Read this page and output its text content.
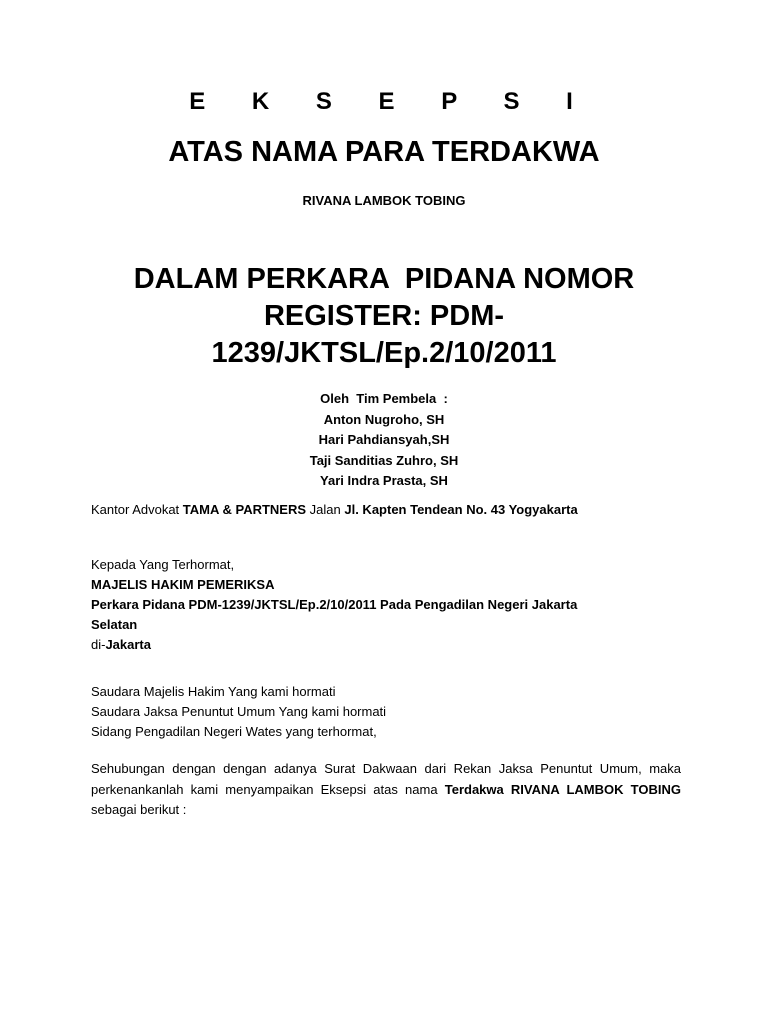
E K S E P S I
ATAS NAMA PARA TERDAKWA
RIVANA LAMBOK TOBING
DALAM PERKARA  PIDANA NOMOR
REGISTER: PDM-
1239/JKTSL/Ep.2/10/2011
Oleh  Tim Pembela  :
Anton Nugroho, SH
Hari Pahdiansyah,SH
Taji Sanditias Zuhro, SH
Yari Indra Prasta, SH
Kantor Advokat TAMA & PARTNERS Jalan Jl. Kapten Tendean No. 43 Yogyakarta
Kepada Yang Terhormat,
MAJELIS HAKIM PEMERIKSA
Perkara Pidana PDM-1239/JKTSL/Ep.2/10/2011 Pada Pengadilan Negeri Jakarta
Selatan
di-Jakarta
Saudara Majelis Hakim Yang kami hormati
Saudara Jaksa Penuntut Umum Yang kami hormati
Sidang Pengadilan Negeri Wates yang terhormat,
Sehubungan dengan dengan adanya Surat Dakwaan dari Rekan Jaksa Penuntut Umum, maka perkenankanlah kami menyampaikan Eksepsi atas nama Terdakwa RIVANA LAMBOK TOBING sebagai berikut :
